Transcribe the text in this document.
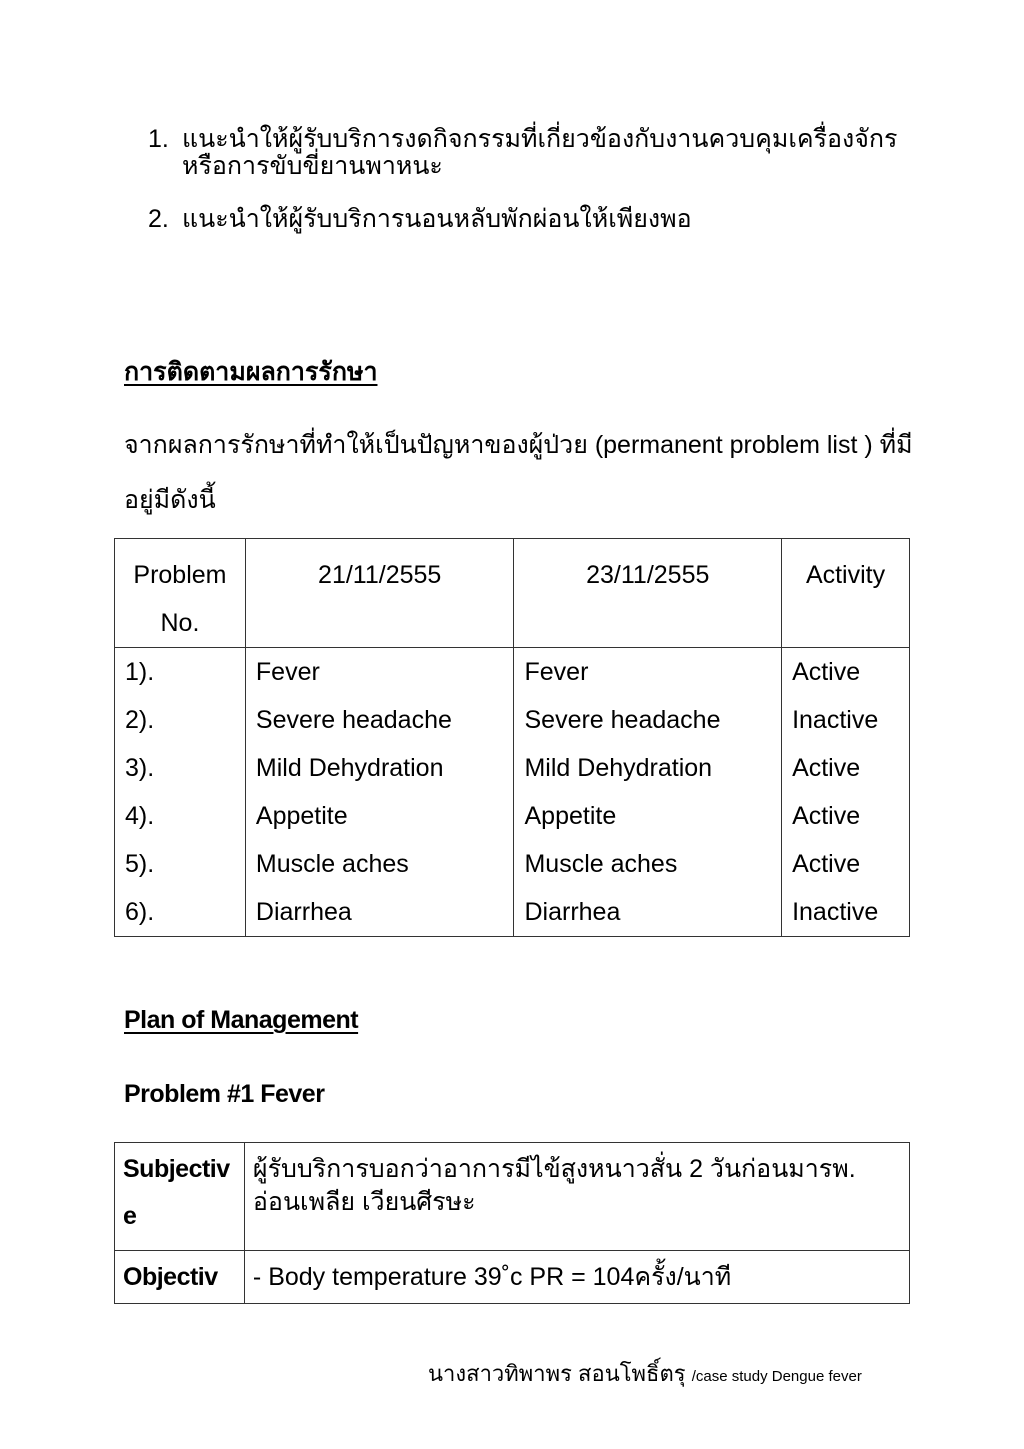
1. แนะนำให้ผู้รับบริการงดกิจกรรมที่เกี่ยวข้องกับงานควบคุมเครื่องจักร หรือการขับขี่ยานพาหนะ
2. แนะนำให้ผู้รับบริการนอนหลับพักผ่อนให้เพียงพอ
การติดตามผลการรักษา
จากผลการรักษาที่ทำให้เป็นปัญหาของผู้ป่วย (permanent problem list ) ที่มีอยู่มีดังนี้
Problem No.	21/11/2555	23/11/2555	Activity
1).	Fever	Fever	Active
2).	Severe headache	Severe headache	Inactive
3).	Mild Dehydration	Mild Dehydration	Active
4).	Appetite	Appetite	Active
5).	Muscle aches	Muscle aches	Active
6).	Diarrhea	Diarrhea	Inactive
Plan of Management
Problem #1 Fever
Subjective	ผู้รับบริการบอกว่าอาการมีไข้สูงหนาวสั่น 2 วันก่อนมารพ. อ่อนเพลีย เวียนศีรษะ
Objectiv	- Body temperature 39˚c PR = 104ครั้ง/นาที
นางสาวทิพาพร สอนโพธิ์ตรุ /case study Dengue fever
